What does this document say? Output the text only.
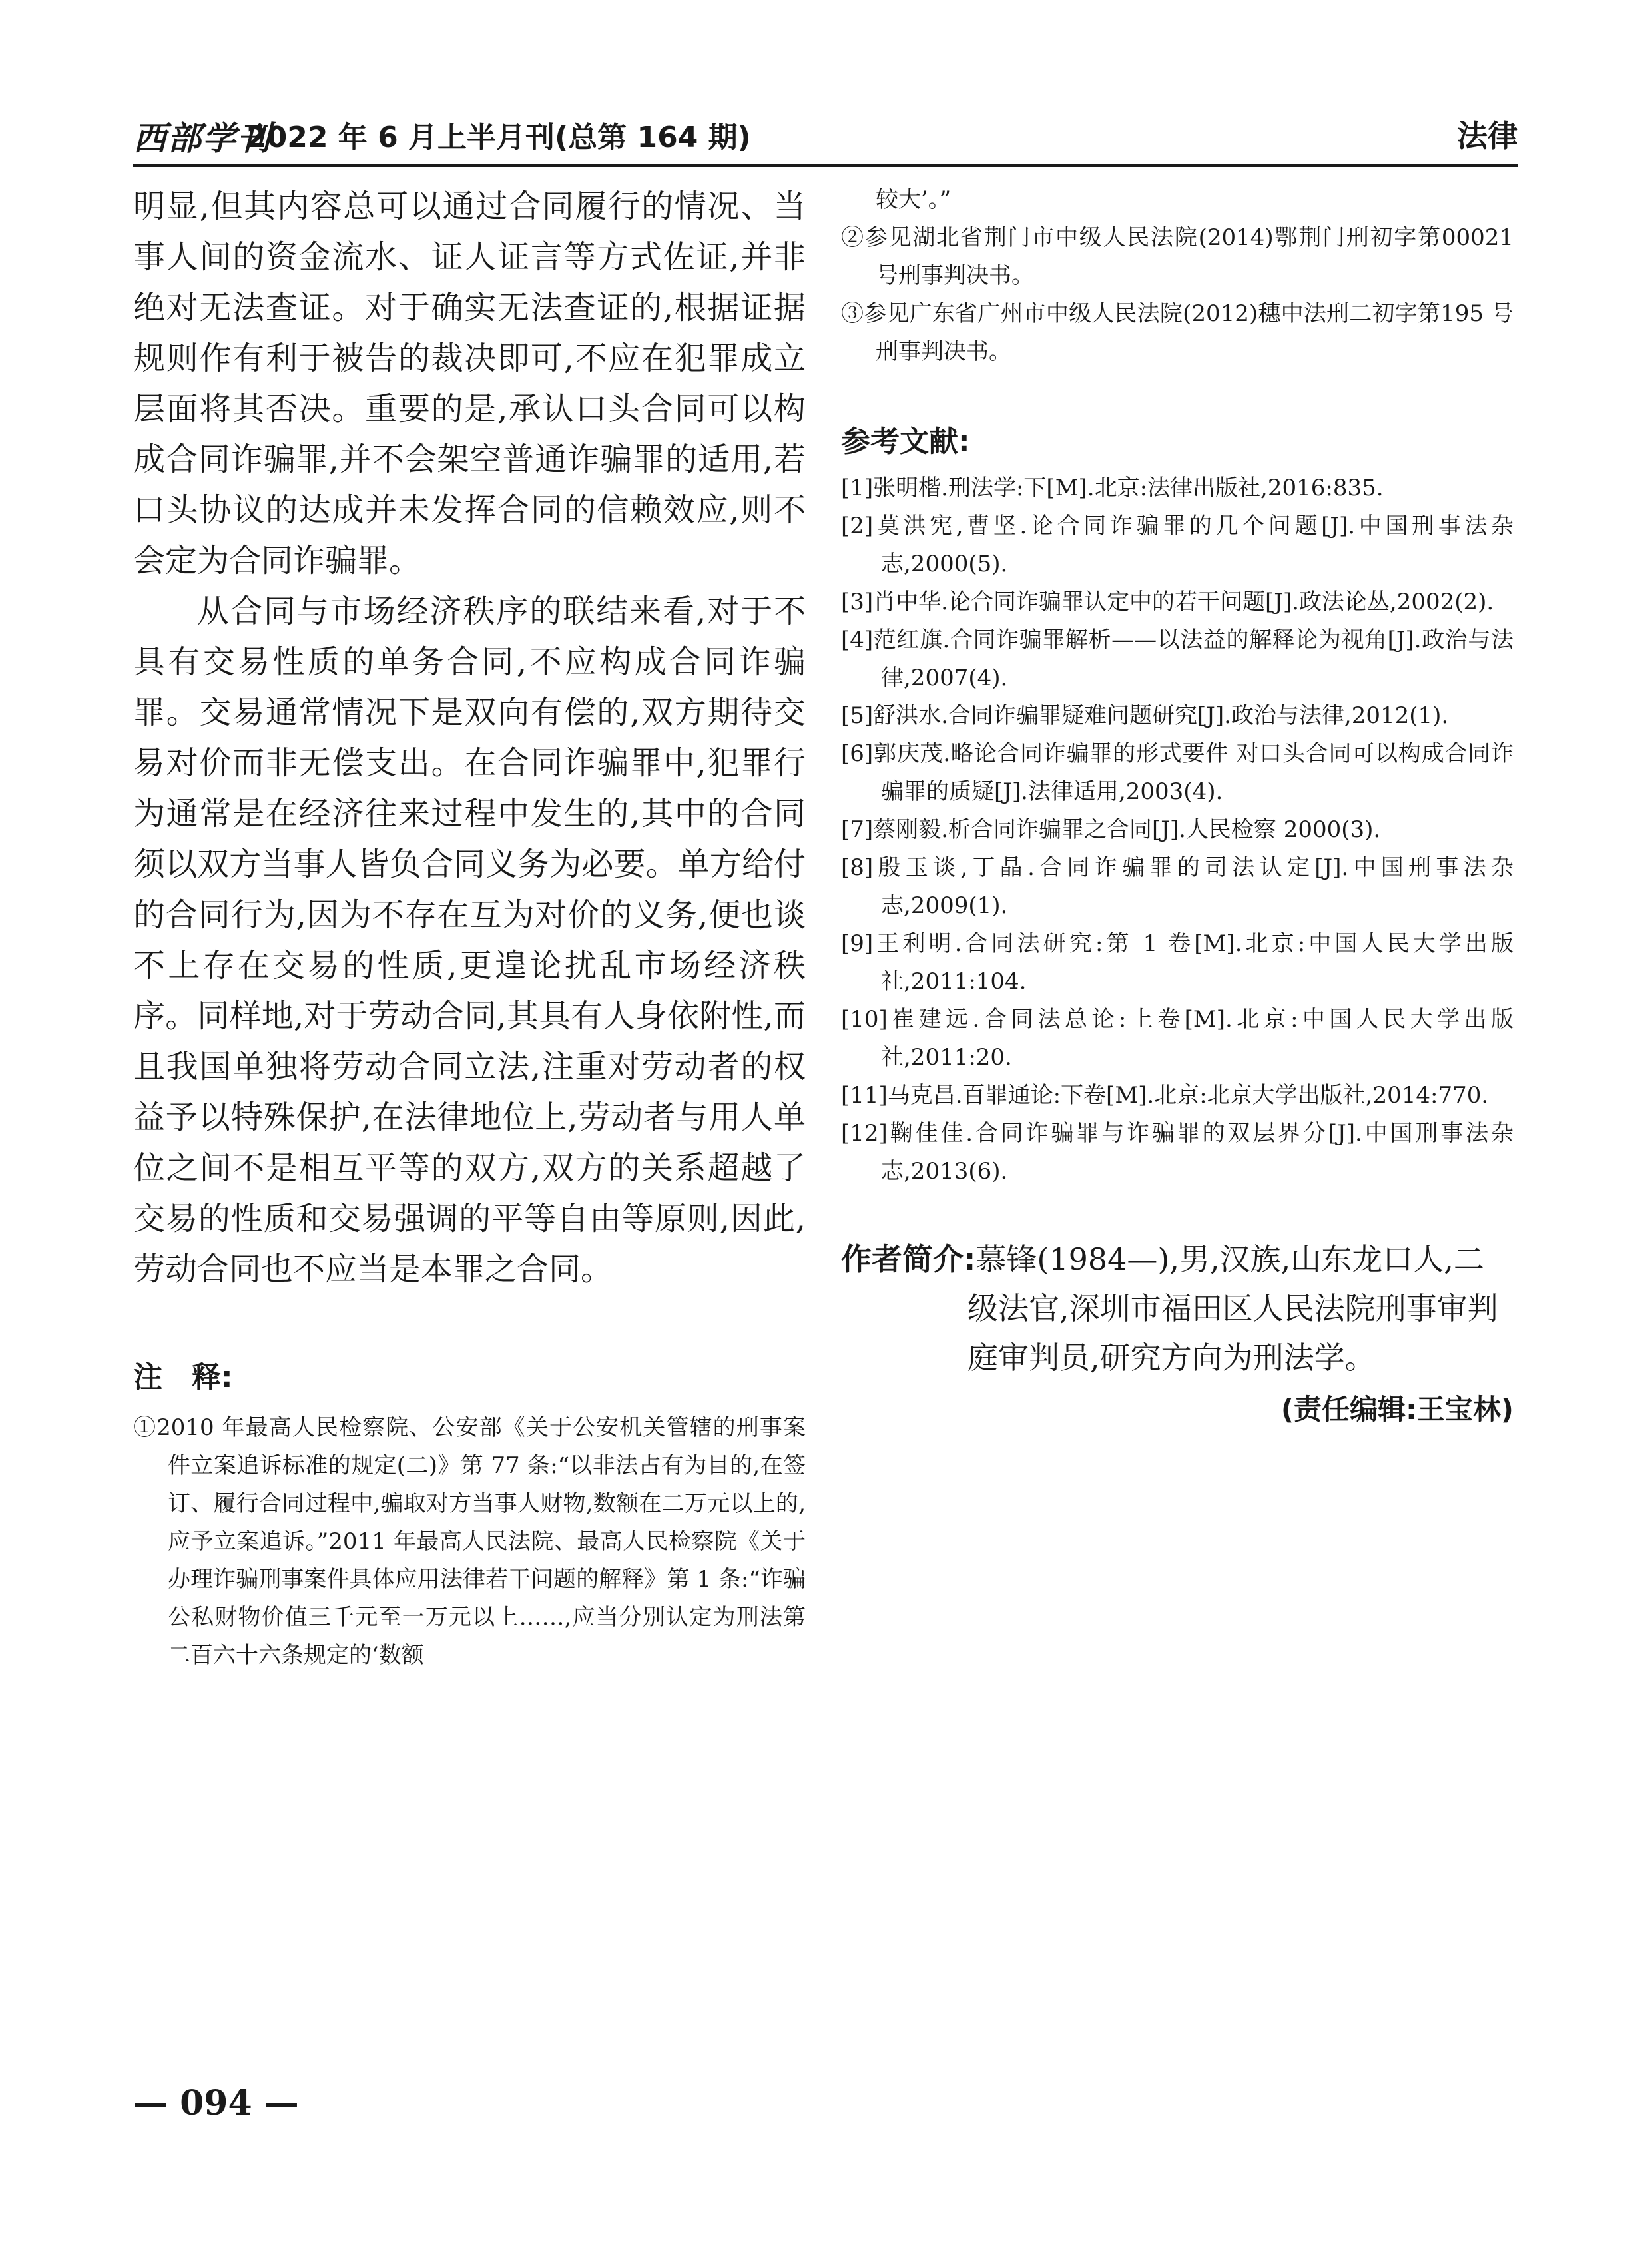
西部学刊
2022 年 6 月上半月刊(总第 164 期)	法律

明显,但其内容总可以通过合同履行的情况、当事人间的资金流水、证人证言等方式佐证,并非绝对无法查证。对于确实无法查证的,根据证据规则作有利于被告的裁决即可,不应在犯罪成立层面将其否决。重要的是,承认口头合同可以构成合同诈骗罪,并不会架空普通诈骗罪的适用,若口头协议的达成并未发挥合同的信赖效应,则不会定为合同诈骗罪。

从合同与市场经济秩序的联结来看,对于不具有交易性质的单务合同,不应构成合同诈骗罪。交易通常情况下是双向有偿的,双方期待交易对价而非无偿支出。在合同诈骗罪中,犯罪行为通常是在经济往来过程中发生的,其中的合同须以双方当事人皆负合同义务为必要。单方给付的合同行为,因为不存在互为对价的义务,便也谈不上存在交易的性质,更遑论扰乱市场经济秩序。同样地,对于劳动合同,其具有人身依附性,而且我国单独将劳动合同立法,注重对劳动者的权益予以特殊保护,在法律地位上,劳动者与用人单位之间不是相互平等的双方,双方的关系超越了交易的性质和交易强调的平等自由等原则,因此,劳动合同也不应当是本罪之合同。

注　释:

①2010 年最高人民检察院、公安部《关于公安机关管辖的刑事案件立案追诉标准的规定(二)》第 77 条:“以非法占有为目的,在签订、履行合同过程中,骗取对方当事人财物,数额在二万元以上的,应予立案追诉。”2011 年最高人民法院、最高人民检察院《关于办理诈骗刑事案件具体应用法律若干问题的解释》第 1 条:“诈骗公私财物价值三千元至一万元以上……,应当分别认定为刑法第二百六十六条规定的‘数额

较大’。”

②参见湖北省荆门市中级人民法院(2014)鄂荆门刑初字第00021 号刑事判决书。

③参见广东省广州市中级人民法院(2012)穗中法刑二初字第195 号刑事判决书。

参考文献:

[1]张明楷.刑法学:下[M].北京:法律出版社,2016:835.

[2]莫洪宪,曹坚.论合同诈骗罪的几个问题[J].中国刑事法杂志,2000(5).

[3]肖中华.论合同诈骗罪认定中的若干问题[J].政法论丛,2002(2).

[4]范红旗.合同诈骗罪解析——以法益的解释论为视角[J].政治与法律,2007(4).

[5]舒洪水.合同诈骗罪疑难问题研究[J].政治与法律,2012(1).

[6]郭庆茂.略论合同诈骗罪的形式要件 对口头合同可以构成合同诈骗罪的质疑[J].法律适用,2003(4).

[7]蔡刚毅.析合同诈骗罪之合同[J].人民检察 2000(3).

[8]殷玉谈,丁晶.合同诈骗罪的司法认定[J].中国刑事法杂志,2009(1).

[9]王利明.合同法研究:第 1 卷[M].北京:中国人民大学出版社,2011:104.

[10]崔建远.合同法总论:上卷[M].北京:中国人民大学出版社,2011:20.

[11]马克昌.百罪通论:下卷[M].北京:北京大学出版社,2014:770.

[12]鞠佳佳.合同诈骗罪与诈骗罪的双层界分[J].中国刑事法杂志,2013(6).

作者简介:慕锋(1984—),男,汉族,山东龙口人,二级法官,深圳市福田区人民法院刑事审判庭审判员,研究方向为刑法学。

(责任编辑:王宝林)

— 094 —
